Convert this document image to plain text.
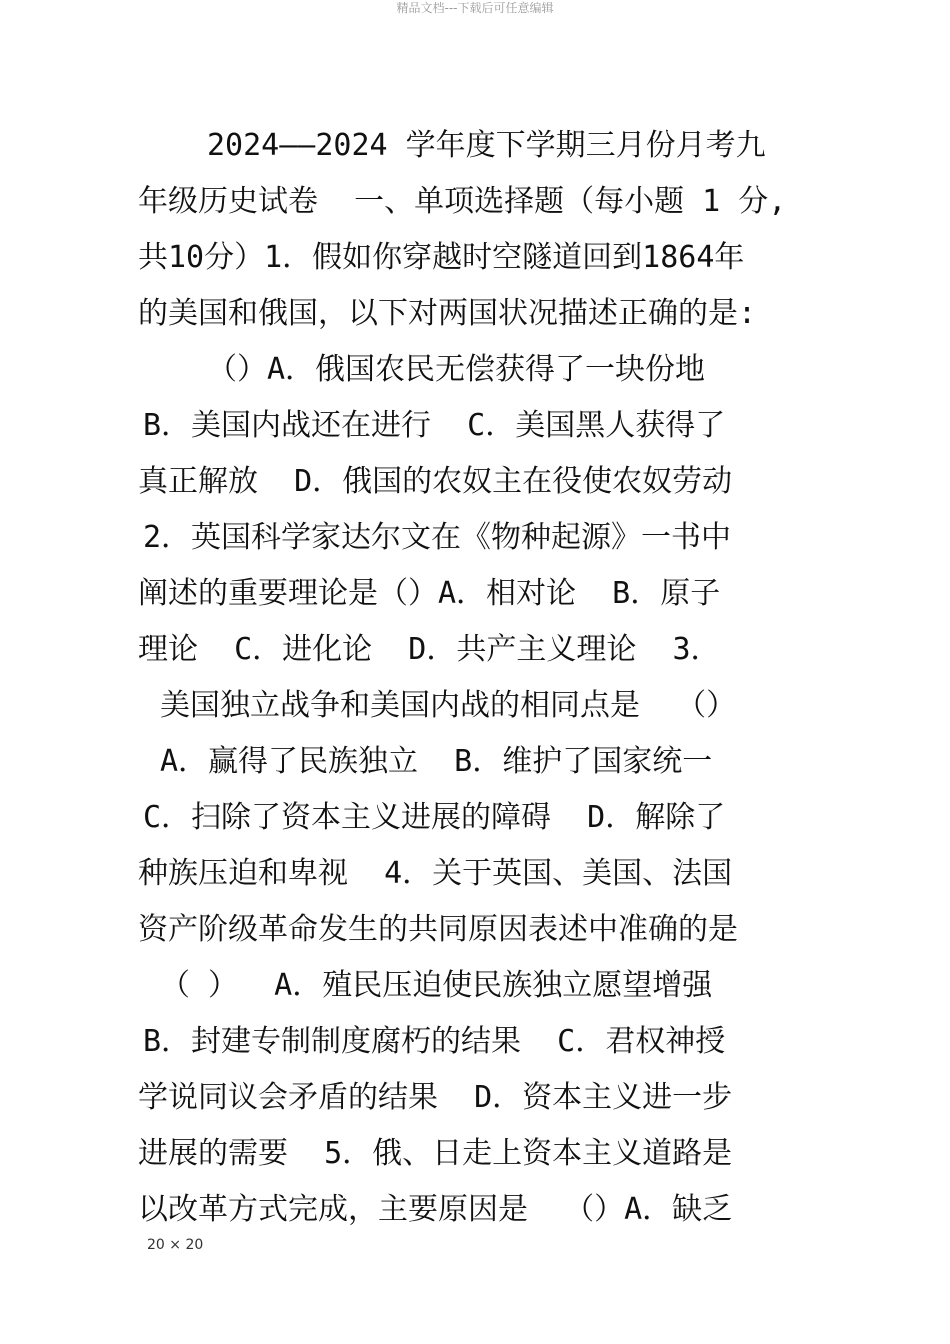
精品文档---下载后可任意编辑
2024——2024 学年度下学期三月份月考九
年级历史试卷  一、单项选择题（每小题 1 分,
共10分）1．假如你穿越时空隧道回到1864年
的美国和俄国，以下对两国状况描述正确的是:
（）A．俄国农民无偿获得了一块份地
B．美国内战还在进行  C．美国黑人获得了
真正解放  D．俄国的农奴主在役使农奴劳动
2．英国科学家达尔文在《物种起源》一书中
阐述的重要理论是（）A．相对论  B．原子
理论  C．进化论  D．共产主义理论  3．
美国独立战争和美国内战的相同点是  （）
A．赢得了民族独立  B．维护了国家统一
C．扫除了资本主义进展的障碍  D．解除了
种族压迫和卑视  4．关于英国、美国、法国
资产阶级革命发生的共同原因表述中准确的是
（ ）  A．殖民压迫使民族独立愿望增强
B．封建专制制度腐朽的结果  C．君权神授
学说同议会矛盾的结果  D．资本主义进一步
进展的需要  5．俄、日走上资本主义道路是
以改革方式完成，主要原因是  （）A．缺乏
20 × 20
